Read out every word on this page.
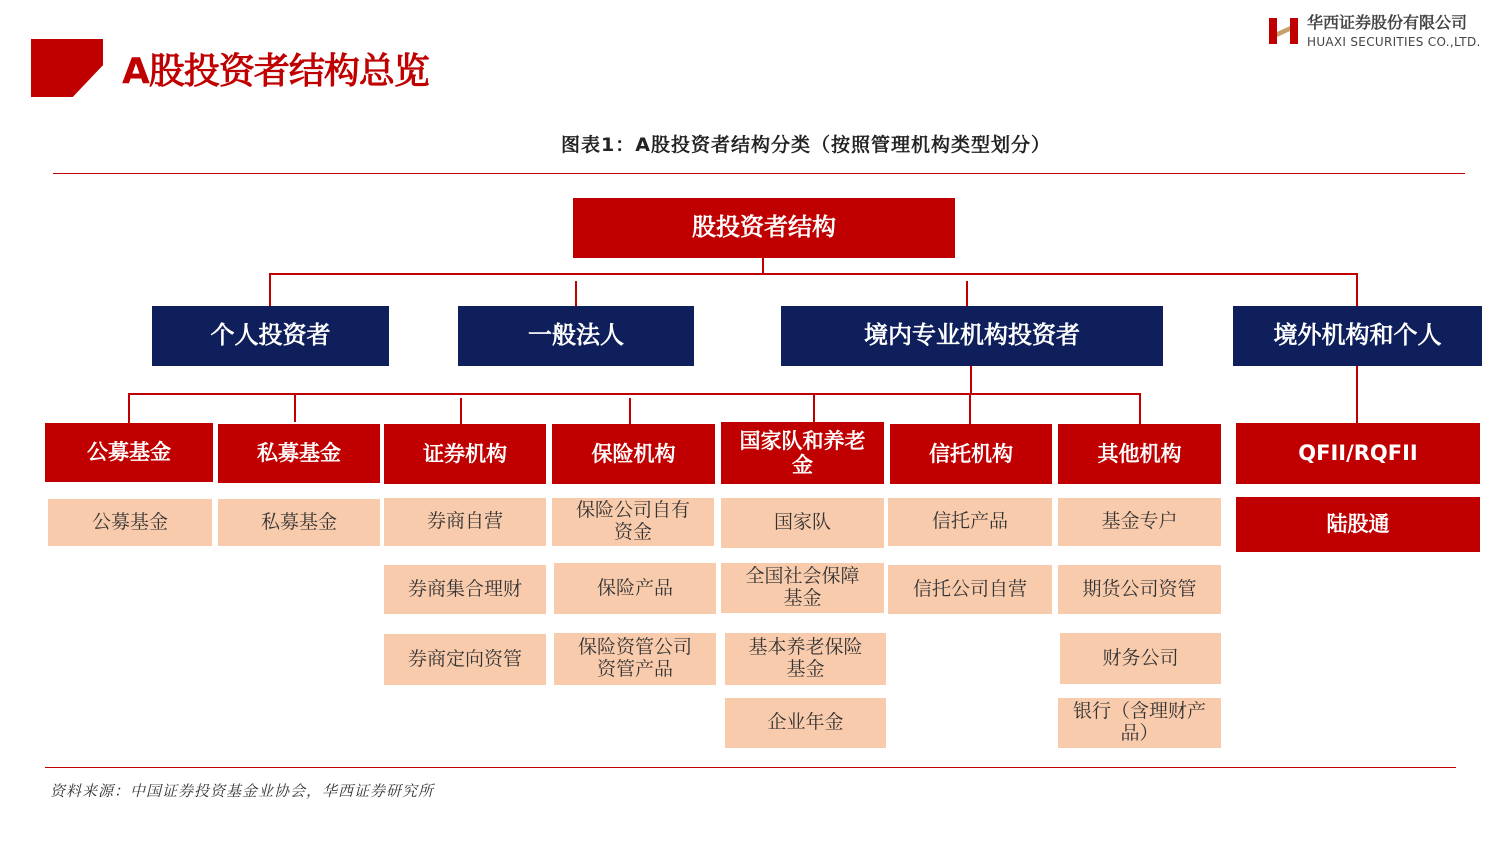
A股投资者结构总览
华西证券股份有限公司
HUAXI SECURITIES CO.,LTD.
图表1：A股投资者结构分类（按照管理机构类型划分）
股投资者结构
个人投资者	一般法人	境内专业机构投资者	境外机构和个人
公募基金	私募基金	证券机构	保险机构
国家队和养老金	信托机构	其他机构	QFII/RQFII
公募基金	私募基金	券商自营
券商集合理财
券商定向资管
保险公司自有资金
保险产品
保险资管公司资管产品
国家队
全国社会保障基金
基本养老保险基金
企业年金
信托产品
信托公司自营
基金专户
期货公司资管
财务公司
银行（含理财产品）
陆股通
资料来源：中国证券投资基金业协会，华西证券研究所
